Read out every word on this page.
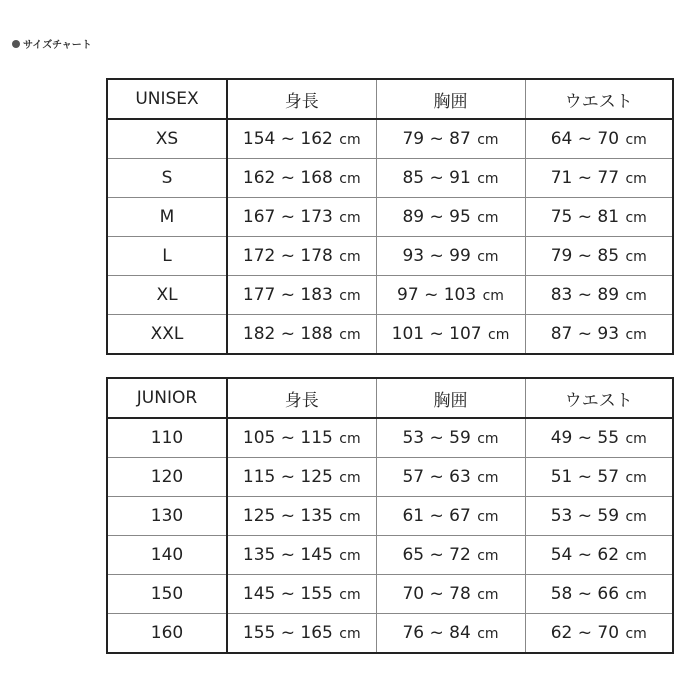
サイズチャート
UNISEX	身長	胸囲	ウエスト
XS	154 ~ 162 cm	79 ~ 87 cm	64 ~ 70 cm
S	162 ~ 168 cm	85 ~ 91 cm	71 ~ 77 cm
M	167 ~ 173 cm	89 ~ 95 cm	75 ~ 81 cm
L	172 ~ 178 cm	93 ~ 99 cm	79 ~ 85 cm
XL	177 ~ 183 cm	97 ~ 103 cm	83 ~ 89 cm
XXL	182 ~ 188 cm	101 ~ 107 cm	87 ~ 93 cm
JUNIOR	身長	胸囲	ウエスト
110	105 ~ 115 cm	53 ~ 59 cm	49 ~ 55 cm
120	115 ~ 125 cm	57 ~ 63 cm	51 ~ 57 cm
130	125 ~ 135 cm	61 ~ 67 cm	53 ~ 59 cm
140	135 ~ 145 cm	65 ~ 72 cm	54 ~ 62 cm
150	145 ~ 155 cm	70 ~ 78 cm	58 ~ 66 cm
160	155 ~ 165 cm	76 ~ 84 cm	62 ~ 70 cm
